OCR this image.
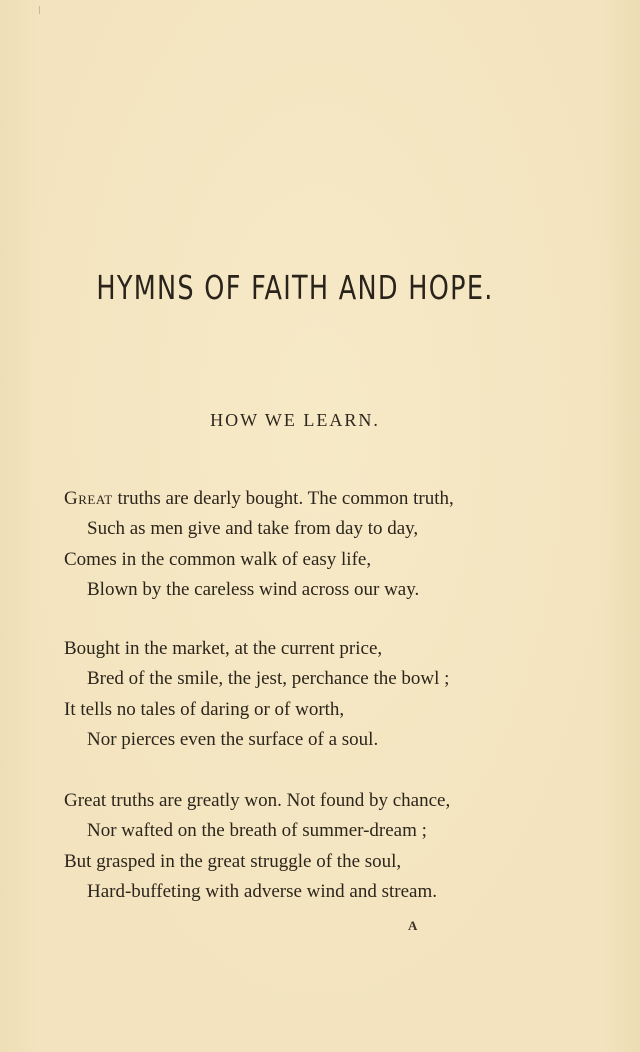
HYMNS OF FAITH AND HOPE.
HOW WE LEARN.
Great truths are dearly bought. The common truth,
Such as men give and take from day to day,
Comes in the common walk of easy life,
Blown by the careless wind across our way.
Bought in the market, at the current price,
Bred of the smile, the jest, perchance the bowl ;
It tells no tales of daring or of worth,
Nor pierces even the surface of a soul.
Great truths are greatly won. Not found by chance,
Nor wafted on the breath of summer-dream ;
But grasped in the great struggle of the soul,
Hard-buffeting with adverse wind and stream.
A
